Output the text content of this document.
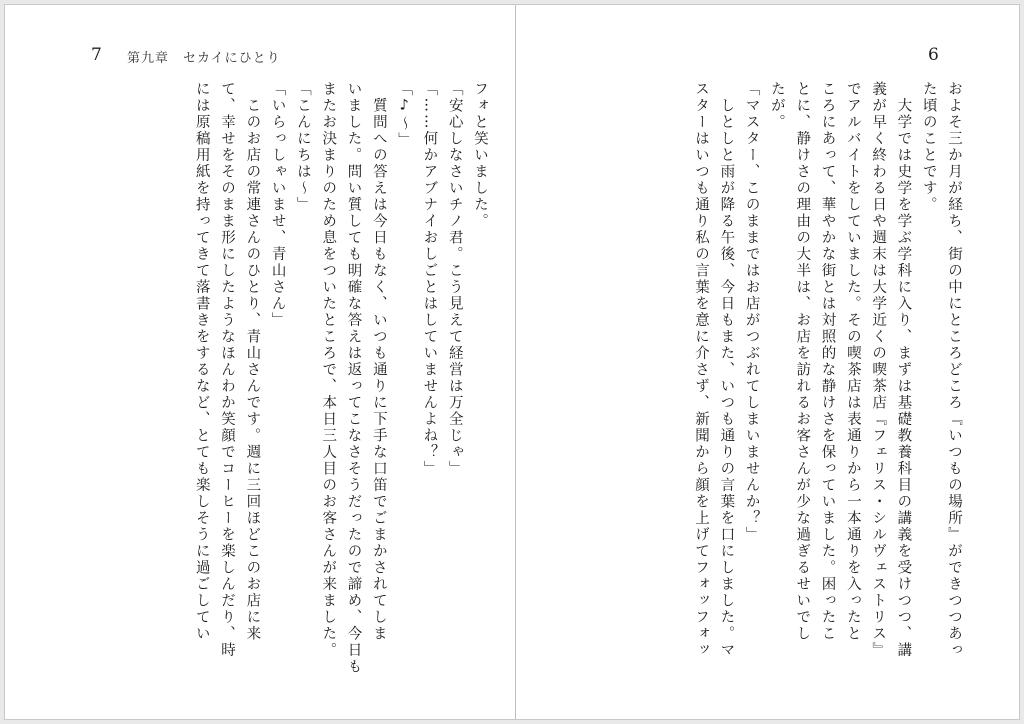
7 第九章　セカイにひとり

フォと笑いました。

「安心しなさいチノ君。こう見えて経営は万全じゃ」

「……何かアブナイおしごとはしていませんよね？」

「♪〜」

　質問への答えは今日もなく、いつも通りに下手な口笛でごまかされてしま

いました。問い質しても明確な答えは返ってこなさそうだったので諦め、今日も

またお決まりのため息をついたところで、本日三人目のお客さんが来ました。

「こんにちは〜」

「いらっしゃいませ、青山さん」

　このお店の常連さんのひとり、青山さんです。週に三回ほどこのお店に来

て、幸せをそのまま形にしたようなほんわか笑顔でコーヒーを楽しんだり、時

には原稿用紙を持ってきて落書きをするなど、とても楽しそうに過ごしてい

6

およそ三か月が経ち、街の中にところどころ『いつもの場所』ができつつあっ

た頃のことです。

　大学では史学を学ぶ学科に入り、まずは基礎教養科目の講義を受けつつ、講

義が早く終わる日や週末は大学近くの喫茶店『フェリス・シルヴェストリス』

でアルバイトをしていました。その喫茶店は表通りから一本通りを入ったと

ころにあって、華やかな街とは対照的な静けさを保っていました。困ったこ

とに、静けさの理由の大半は、お店を訪れるお客さんが少な過ぎるせいでし

たが。

「マスター、このままではお店がつぶれてしまいませんか？」

　しとしと雨が降る午後、今日もまた、いつも通りの言葉を口にしました。マ

スターはいつも通り私の言葉を意に介さず、新聞から顔を上げてフォッフォッ
